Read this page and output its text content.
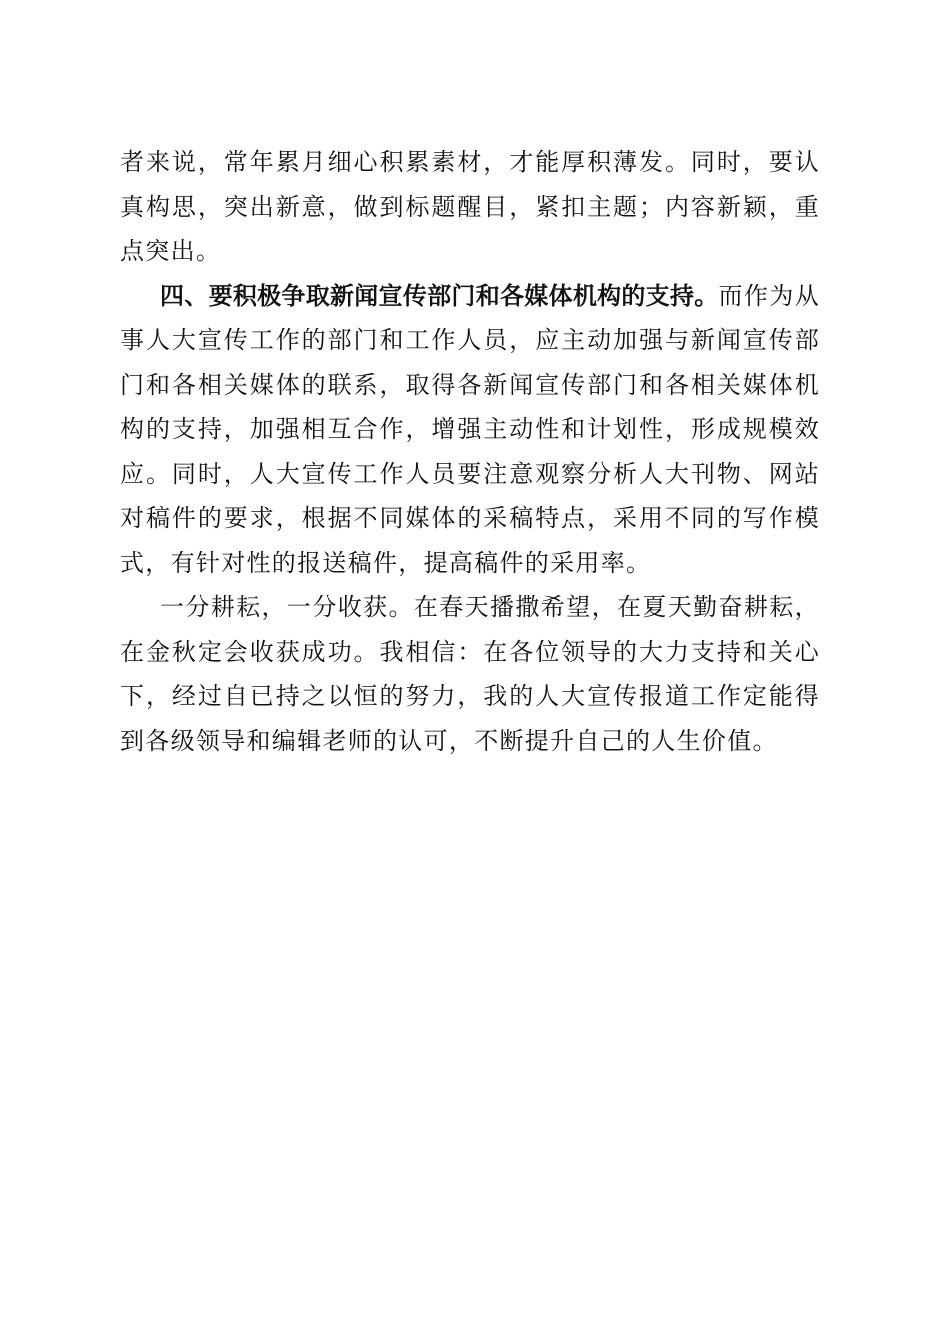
者来说，常年累月细心积累素材，才能厚积薄发。同时，要认真构思，突出新意，做到标题醒目，紧扣主题；内容新颖，重点突出。

四、要积极争取新闻宣传部门和各媒体机构的支持。而作为从事人大宣传工作的部门和工作人员，应主动加强与新闻宣传部门和各相关媒体的联系，取得各新闻宣传部门和各相关媒体机构的支持，加强相互合作，增强主动性和计划性，形成规模效应。同时，人大宣传工作人员要注意观察分析人大刊物、网站对稿件的要求，根据不同媒体的采稿特点，采用不同的写作模式，有针对性的报送稿件，提高稿件的采用率。

一分耕耘，一分收获。在春天播撒希望，在夏天勤奋耕耘，在金秋定会收获成功。我相信：在各位领导的大力支持和关心下，经过自已持之以恒的努力，我的人大宣传报道工作定能得到各级领导和编辑老师的认可，不断提升自己的人生价值。
